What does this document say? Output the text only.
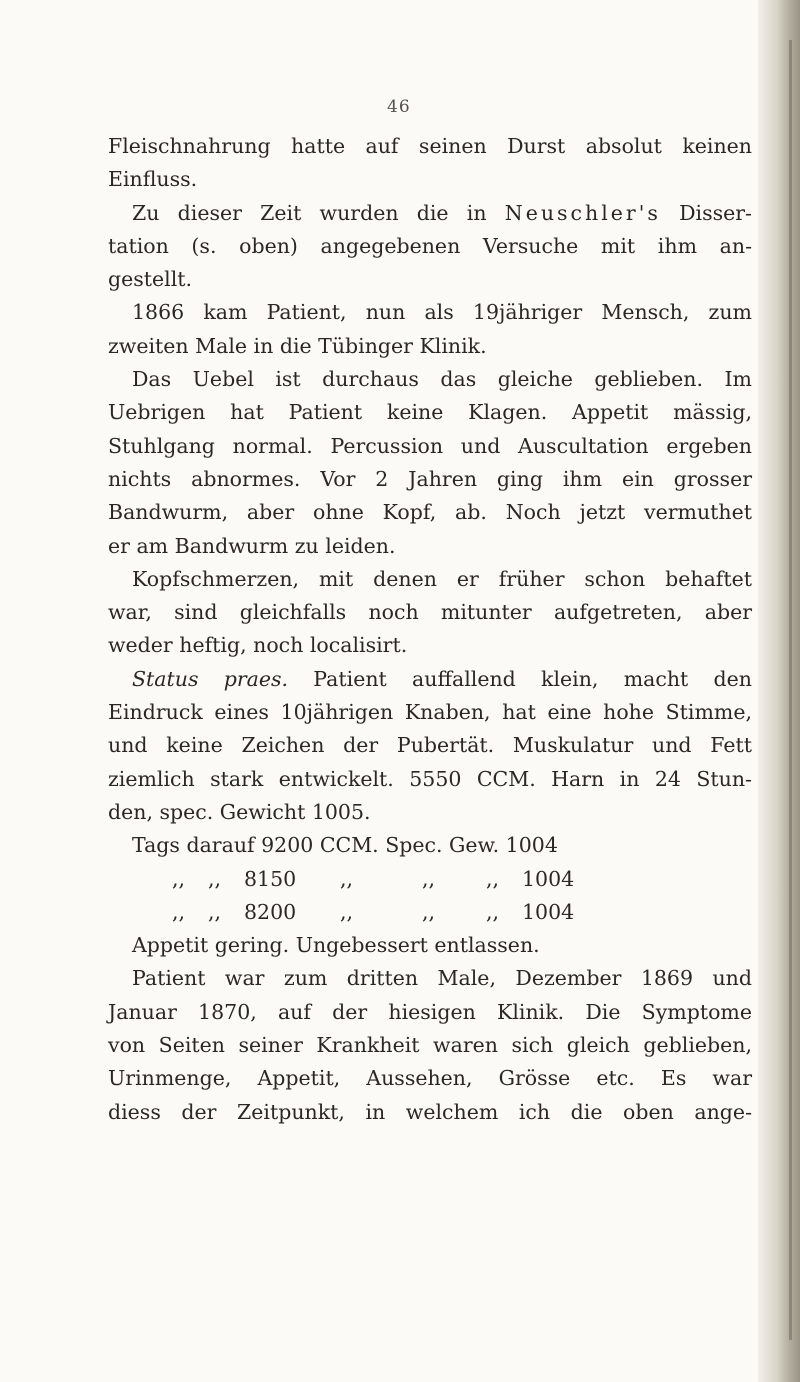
46
Fleischnahrung hatte auf seinen Durst absolut keinen
Einfluss.
Zu dieser Zeit wurden die in Neuschler's Disser-
tation (s. oben) angegebenen Versuche mit ihm an-
gestellt.
1866 kam Patient, nun als 19jähriger Mensch, zum
zweiten Male in die Tübinger Klinik.
Das Uebel ist durchaus das gleiche geblieben. Im
Uebrigen hat Patient keine Klagen. Appetit mässig,
Stuhlgang normal. Percussion und Auscultation ergeben
nichts abnormes. Vor 2 Jahren ging ihm ein grosser
Bandwurm, aber ohne Kopf, ab. Noch jetzt vermuthet
er am Bandwurm zu leiden.
Kopfschmerzen, mit denen er früher schon behaftet
war, sind gleichfalls noch mitunter aufgetreten, aber
weder heftig, noch localisirt.
Status praes. Patient auffallend klein, macht den
Eindruck eines 10jährigen Knaben, hat eine hohe Stimme,
und keine Zeichen der Pubertät. Muskulatur und Fett
ziemlich stark entwickelt. 5550 CCM. Harn in 24 Stun-
den, spec. Gewicht 1005.
Tags darauf 9200 CCM. Spec. Gew. 1004
,, ,, 8150 ,,	,, ,, 1004
,, ,, 8200 ,,	,, ,, 1004
Appetit gering. Ungebessert entlassen.
Patient war zum dritten Male, Dezember 1869 und
Januar 1870, auf der hiesigen Klinik. Die Symptome
von Seiten seiner Krankheit waren sich gleich geblieben,
Urinmenge, Appetit, Aussehen, Grösse etc. Es war
diess der Zeitpunkt, in welchem ich die oben ange-
